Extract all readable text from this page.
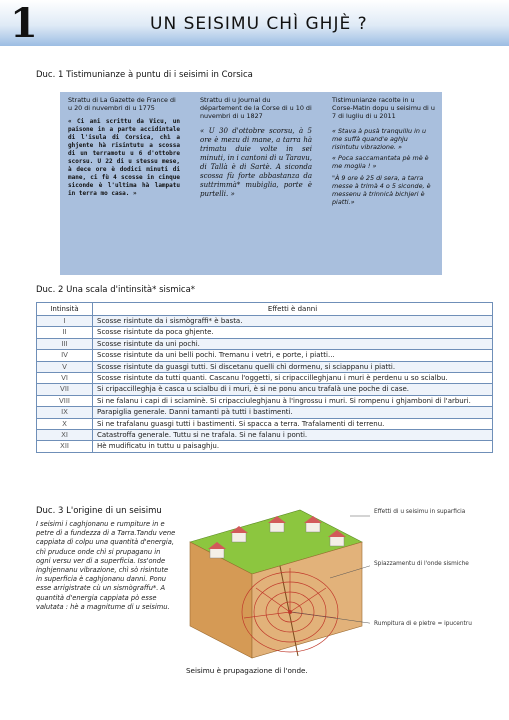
1	UN SEISIMU CHÌ GHJÈ ?
Duc. 1 Tistimunianze à puntu di i seisimi in Corsica
Strattu di La Gazette de France di u 20 di nuvembri di u 1775
« Ci ani scrittu da Vicu, un paisone in a parte accidintale di l'isula di Corsica, chì a ghjente hà risintutu a scossa di un terramotu u 6 d'ottobre scorsu. U 22 di u stessu mese, à dece ore è dodici minuti di mane, ci fù 4 scosse in cinque siconde è l'ultima hà lampatu in terra mo casa. »
Strattu di u Journal du département de la Corse di u 10 di nuvembri di u 1827
« U 30 d'ottobre scorsu, à 5 ore è mezu di mane, a tarra hà trimatu duie volte in sei minuti, in i cantoni di u Taravu, di Tallà è di Sartè. A siconda scossa fù forte abbastanza da suttrimmà* mubiglia, porte è purtelli. »
Tistimunianze racolte in u Corse-Matin dopu u seisimu di u 7 di lugliu di u 2011

« Stava à pusà tranquillu in u me suffà quand'e aghju risintutu vibrazione. »

« Poca saccamantata pè mè è me moglia ! »

"À 9 ore è 25 di sera, a tarra messe à trimà 4 o 5 siconde, è messenu à trinnicà bichjeri è piatti.»

Duc. 2 Una scala d'intinsità* sismica*
Intinsità	Effetti è danni
I	Scosse risintute da i sismògraffi* è basta.
II	Scosse risintute da poca ghjente.
III	Scosse risintute da uni pochi.
IV	Scosse risintute da uni belli pochi. Tremanu i vetri, e porte, i piatti...
V	Scosse risintute da guasgi tutti. Si discetanu quelli chì dormenu, si sciappanu i piatti.
VI	Scosse risintute da tutti quanti. Cascanu l'oggetti, si cripaccilleghjanu i muri è perdenu u so scialbu.
VII	Si cripaccilleghja è casca u scialbu di i muri, è si ne ponu ancu trafalà une poche di case.
VIII	Si ne falanu i capi di i sciaminè. Si cripacciuleghjanu à l'ingrossu i muri. Si rompenu i ghjamboni di l'arburi.
IX	Parapiglia generale. Danni tamanti pà tutti i bastimenti.
X	Si ne trafalanu guasgi tutti i bastimenti. Si spacca a terra. Trafalamenti di terrenu.
XI	Catastroffa generale. Tuttu si ne trafala. Si ne falanu i ponti.
XII	Hè mudificatu in tuttu u paisaghju.
Duc. 3 L'origine di un seisimu
I seisimi i caghjonanu e rumpiture in e petre di a fundezza di a Tarra.Tandu vene cappiata di colpu una quantità d'energia, chì pruduce onde chì si prupaganu in ogni versu ver di a superficia. Iss'onde inghjennanu vibrazione, chì sò risintute in superficia è caghjonanu danni. Ponu esse arrigistrate cù un sismògraffu*. A quantità d'energia cappiata pò esse valutata : hè a magnitume di u seisimu.
Effetti di u seisimu in suparficia
Spiazzamentu di l'onde sismiche
Rumpitura di e pietre = ipucentru
Seisimu è prupagazione di l'onde.
